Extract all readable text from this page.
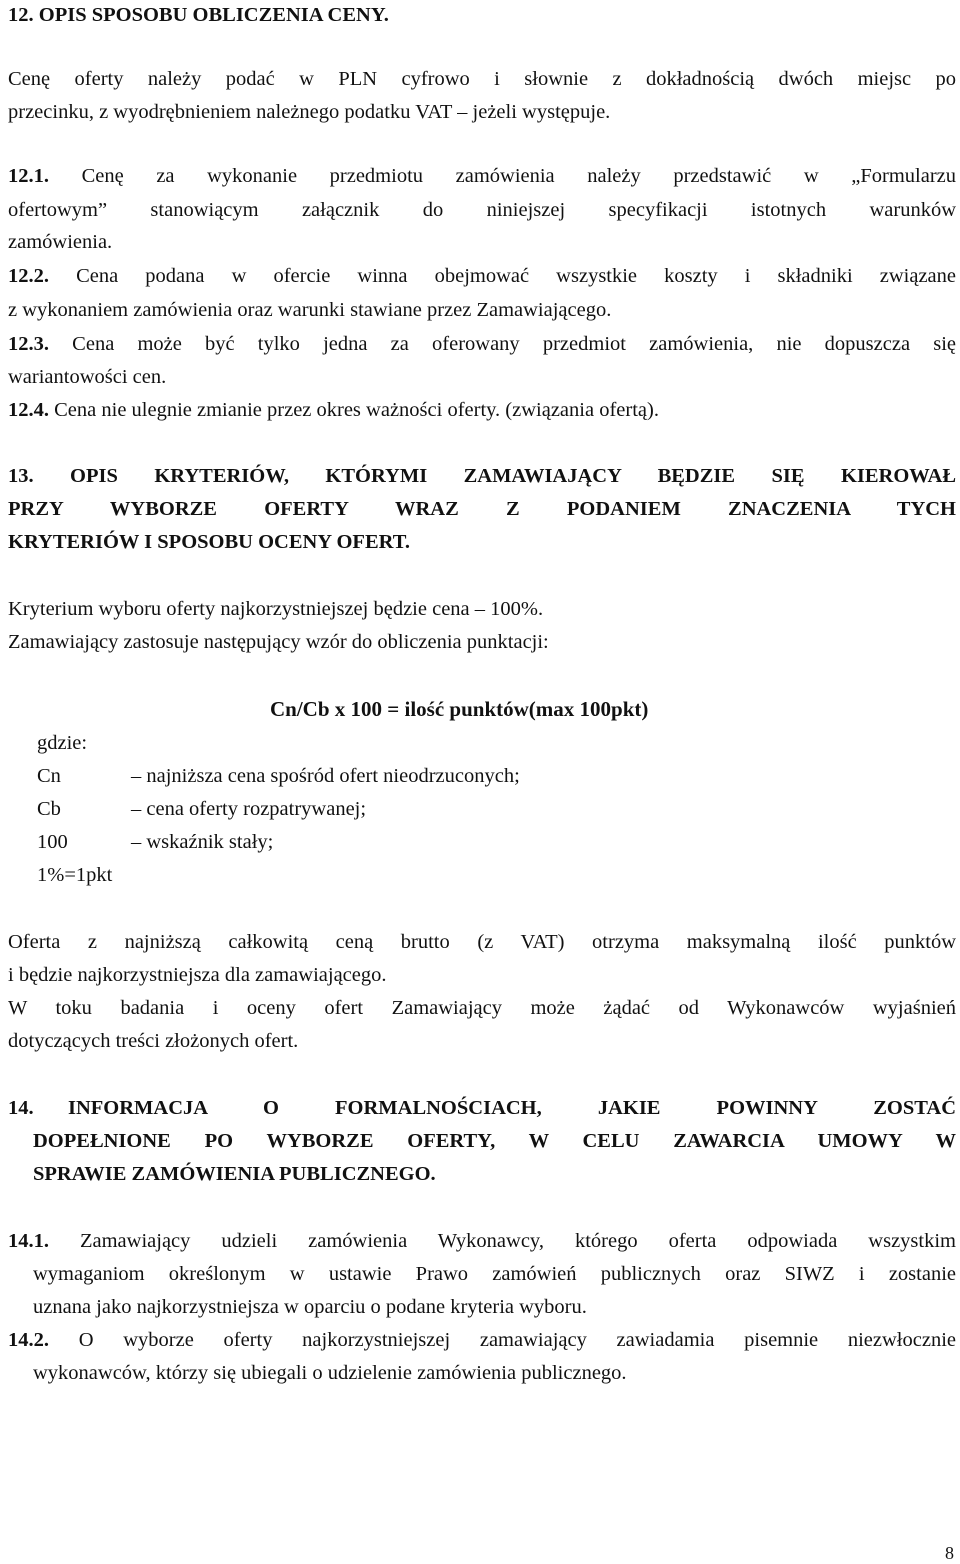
12. OPIS SPOSOBU OBLICZENIA CENY.

Cenę oferty należy podać w PLN cyfrowo i słownie z dokładnością dwóch miejsc po

przecinku, z wyodrębnieniem należnego podatku VAT – jeżeli występuje.

12.1. Cenę za wykonanie przedmiotu zamówienia należy przedstawić w „Formularzu

ofertowym” stanowiącym załącznik do niniejszej specyfikacji istotnych warunków

zamówienia.

12.2. Cena podana w ofercie winna obejmować wszystkie koszty i składniki związane

z wykonaniem zamówienia oraz warunki stawiane przez Zamawiającego.

12.3. Cena może być tylko jedna za oferowany przedmiot zamówienia, nie dopuszcza się

wariantowości cen.

12.4. Cena nie ulegnie zmianie przez okres ważności oferty. (związania ofertą).

13. OPIS KRYTERIÓW, KTÓRYMI ZAMAWIAJĄCY BĘDZIE SIĘ KIEROWAŁ

PRZY WYBORZE OFERTY WRAZ Z PODANIEM ZNACZENIA TYCH

KRYTERIÓW I SPOSOBU OCENY OFERT.

Kryterium wyboru oferty najkorzystniejszej będzie cena – 100%.

Zamawiający zastosuje następujący wzór do obliczenia punktacji:

Cn/Cb x 100 = ilość punktów(max 100pkt)
gdzie:
Cn	– najniższa cena spośród ofert nieodrzuconych;
Cb	– cena oferty rozpatrywanej;
100	– wskaźnik stały;
1%=1pkt

Oferta z najniższą całkowitą ceną brutto (z VAT) otrzyma maksymalną ilość punktów

i będzie najkorzystniejsza dla zamawiającego.

W toku badania i oceny ofert Zamawiający może żądać od Wykonawców wyjaśnień

dotyczących treści złożonych ofert.

14. INFORMACJA O FORMALNOŚCIACH, JAKIE POWINNY ZOSTAĆ

DOPEŁNIONE PO WYBORZE OFERTY, W CELU ZAWARCIA UMOWY W

SPRAWIE ZAMÓWIENIA PUBLICZNEGO.

14.1. Zamawiający udzieli zamówienia Wykonawcy, którego oferta odpowiada wszystkim

wymaganiom określonym w ustawie Prawo zamówień publicznych oraz SIWZ i zostanie

uznana jako najkorzystniejsza w oparciu o podane kryteria wyboru.

14.2. O wyborze oferty najkorzystniejszej zamawiający zawiadamia pisemnie niezwłocznie

wykonawców, którzy się ubiegali o udzielenie zamówienia publicznego.

8
